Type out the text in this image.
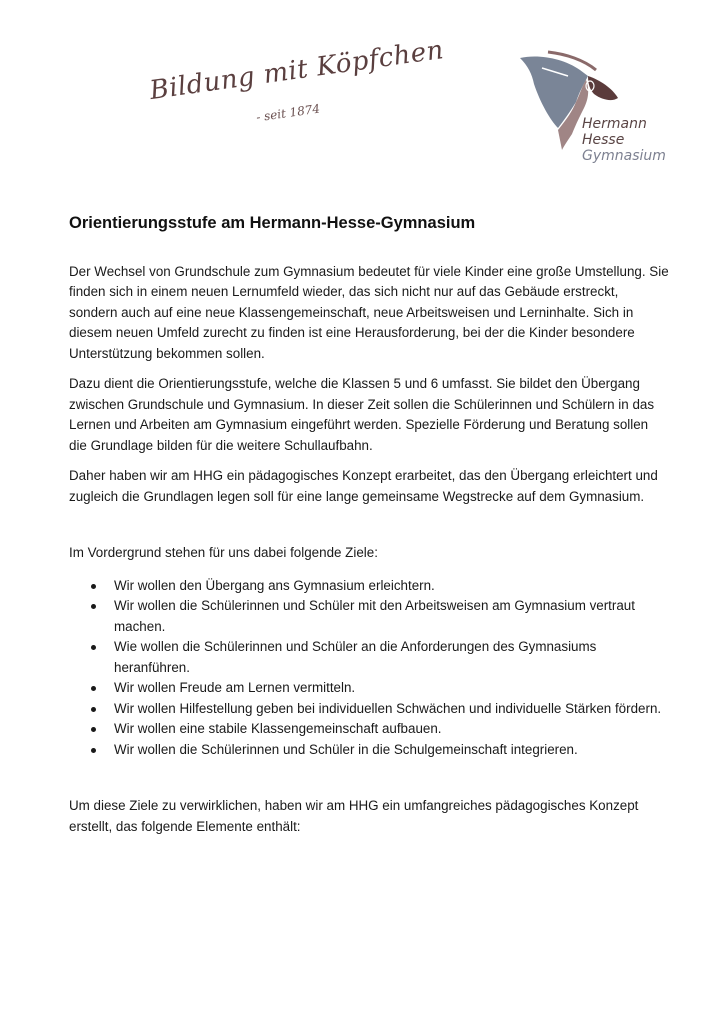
Bildung mit Köpfchen
- seit 1874	Hermann
Hesse
Gymnasium
Orientierungsstufe am Hermann-Hesse-Gymnasium

Der Wechsel von Grundschule zum Gymnasium bedeutet für viele Kinder eine große Umstellung. Sie finden sich in einem neuen Lernumfeld wieder, das sich nicht nur auf das Gebäude erstreckt, sondern auch auf eine neue Klassengemeinschaft, neue Arbeitsweisen und Lerninhalte. Sich in diesem neuen Umfeld zurecht zu finden ist eine Herausforderung, bei der die Kinder besondere Unterstützung bekommen sollen.

Dazu dient die Orientierungsstufe, welche die Klassen 5 und 6 umfasst. Sie bildet den Übergang zwischen Grundschule und Gymnasium. In dieser Zeit sollen die Schülerinnen und Schülern in das Lernen und Arbeiten am Gymnasium eingeführt werden. Spezielle Förderung und Beratung sollen die Grundlage bilden für die weitere Schullaufbahn.

Daher haben wir am HHG ein pädagogisches Konzept erarbeitet, das den Übergang erleichtert und zugleich die Grundlagen legen soll für eine lange gemeinsame Wegstrecke auf dem Gymnasium.

Im Vordergrund stehen für uns dabei folgende Ziele:

Wir wollen den Übergang ans Gymnasium erleichtern.
Wir wollen die Schülerinnen und Schüler mit den Arbeitsweisen am Gymnasium vertraut machen.
Wie wollen die Schülerinnen und Schüler an die Anforderungen des Gymnasiums heranführen.
Wir wollen Freude am Lernen vermitteln.
Wir wollen Hilfestellung geben bei individuellen Schwächen und individuelle Stärken fördern.
Wir wollen eine stabile Klassengemeinschaft aufbauen.
Wir wollen die Schülerinnen und Schüler in die Schulgemeinschaft integrieren.

Um diese Ziele zu verwirklichen, haben wir am HHG ein umfangreiches pädagogisches Konzept erstellt, das folgende Elemente enthält:
